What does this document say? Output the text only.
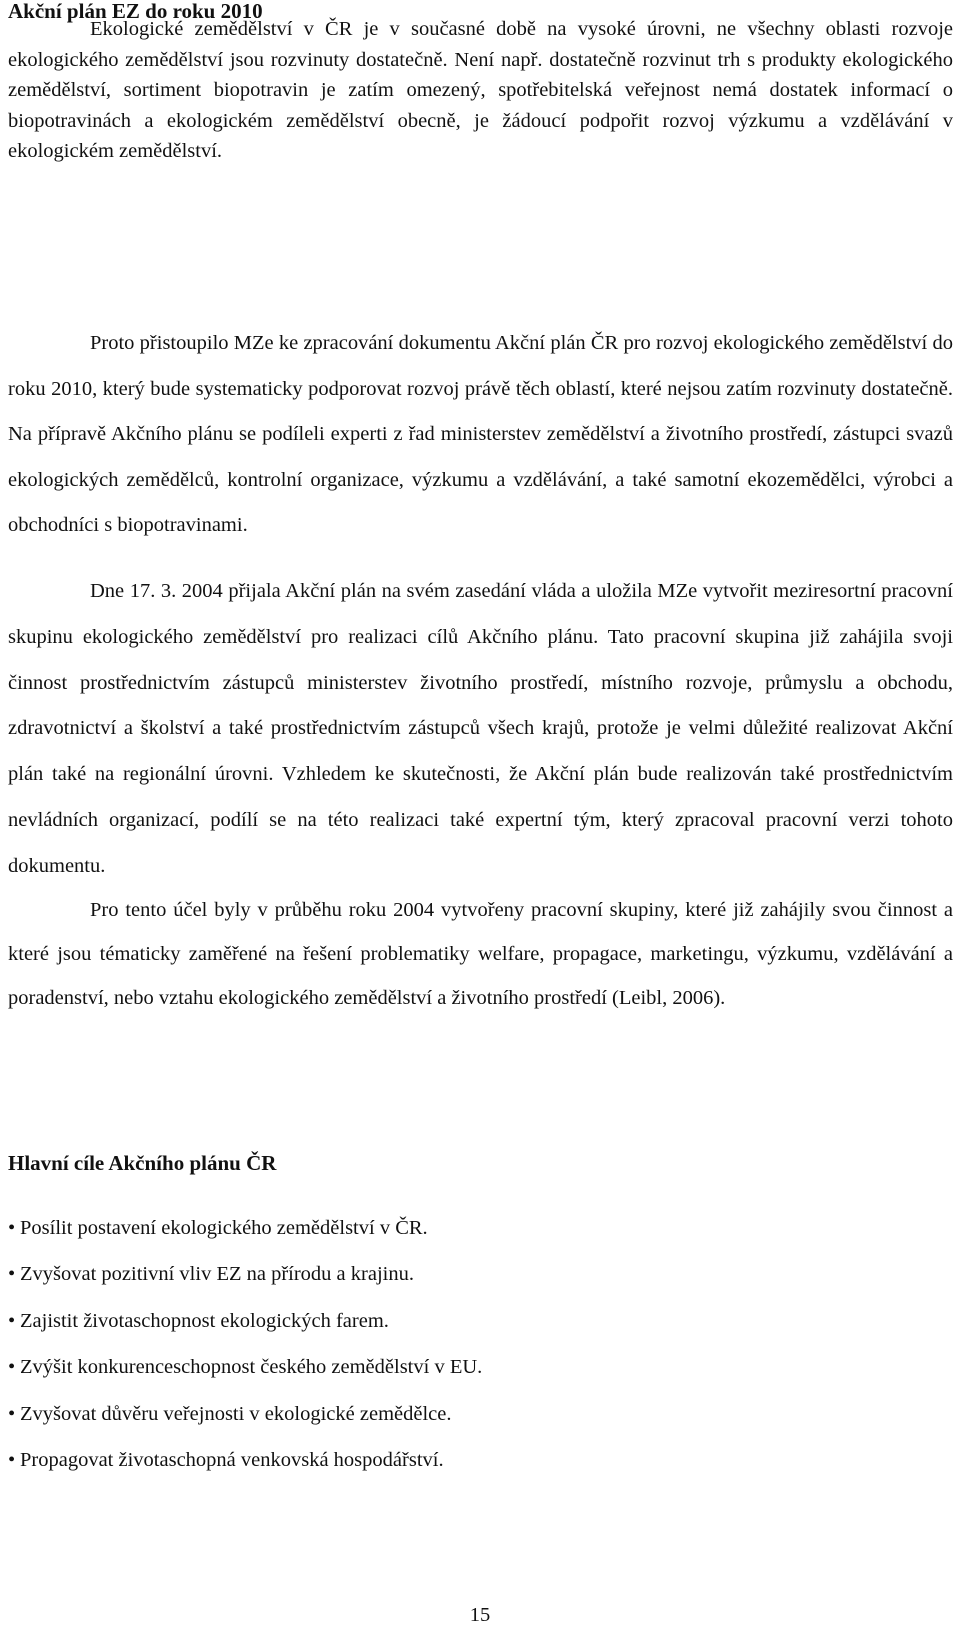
Akční plán EZ do roku 2010

Ekologické zemědělství v ČR je v současné době na vysoké úrovni, ne všechny oblasti rozvoje ekologického zemědělství jsou rozvinuty dostatečně. Není např. dostatečně rozvinut trh s produkty ekologického zemědělství, sortiment biopotravin je zatím omezený, spotřebitelská veřejnost nemá dostatek informací o biopotravinách a ekologickém zemědělství obecně, je žádoucí podpořit rozvoj výzkumu a vzdělávání v ekologickém zemědělství.

Proto přistoupilo MZe ke zpracování dokumentu Akční plán ČR pro rozvoj ekologického zemědělství do roku 2010, který bude systematicky podporovat rozvoj právě těch oblastí, které nejsou zatím rozvinuty dostatečně. Na přípravě Akčního plánu se podíleli experti z řad ministerstev zemědělství a životního prostředí, zástupci svazů ekologických zemědělců, kontrolní organizace, výzkumu a vzdělávání, a také samotní ekozemědělci, výrobci a obchodníci s biopotravinami.

Dne 17. 3. 2004 přijala Akční plán na svém zasedání vláda a uložila MZe vytvořit meziresortní pracovní skupinu ekologického zemědělství pro realizaci cílů Akčního plánu. Tato pracovní skupina již zahájila svoji činnost prostřednictvím zástupců ministerstev životního prostředí, místního rozvoje, průmyslu a obchodu, zdravotnictví a školství a také prostřednictvím zástupců všech krajů, protože je velmi důležité realizovat Akční plán také na regionální úrovni. Vzhledem ke skutečnosti, že Akční plán bude realizován také prostřednictvím nevládních organizací, podílí se na této realizaci také expertní tým, který zpracoval pracovní verzi tohoto dokumentu.

Pro tento účel byly v průběhu roku 2004 vytvořeny pracovní skupiny, které již zahájily svou činnost a které jsou tématicky zaměřené na řešení problematiky welfare, propagace, marketingu, výzkumu, vzdělávání a poradenství, nebo vztahu ekologického zemědělství a životního prostředí (Leibl, 2006).

Hlavní cíle Akčního plánu ČR
• Posílit postavení ekologického zemědělství v ČR.
• Zvyšovat pozitivní vliv EZ na přírodu a krajinu.
• Zajistit životaschopnost ekologických farem.
• Zvýšit konkurenceschopnost českého zemědělství v EU.
• Zvyšovat důvěru veřejnosti v ekologické zemědělce.
• Propagovat životaschopná venkovská hospodářství.
15
